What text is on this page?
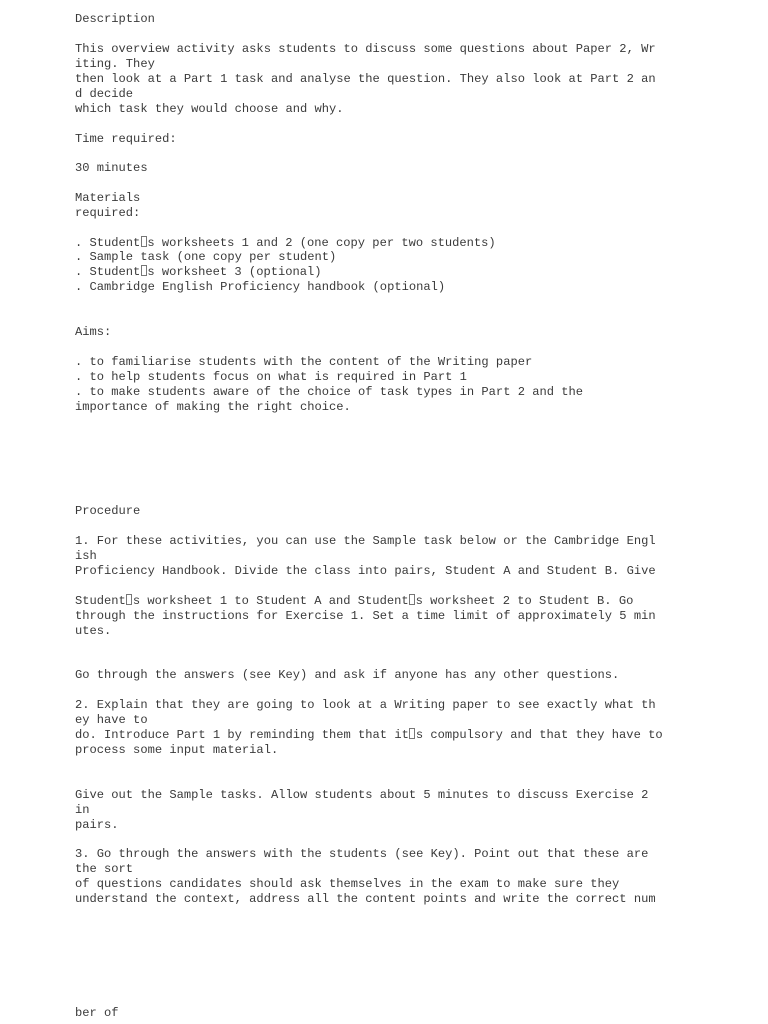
Description
This overview activity asks students to discuss some questions about Paper 2, Wr
iting. They
then look at a Part 1 task and analyse the question. They also look at Part 2 an
d decide
which task they would choose and why.
Time required:
30 minutes
Materials
required:
. Student s worksheets 1 and 2 (one copy per two students)
. Sample task (one copy per student)
. Student s worksheet 3 (optional)
. Cambridge English Proficiency handbook (optional)
Aims:
. to familiarise students with the content of the Writing paper
. to help students focus on what is required in Part 1
. to make students aware of the choice of task types in Part 2 and the
importance of making the right choice.
Procedure
1. For these activities, you can use the Sample task below or the Cambridge Engl
ish
Proficiency Handbook. Divide the class into pairs, Student A and Student B. Give
Student s worksheet 1 to Student A and Student s worksheet 2 to Student B. Go
through the instructions for Exercise 1. Set a time limit of approximately 5 min
utes.
Go through the answers (see Key) and ask if anyone has any other questions.
2. Explain that they are going to look at a Writing paper to see exactly what th
ey have to
do. Introduce Part 1 by reminding them that it s compulsory and that they have to
process some input material.
Give out the Sample tasks. Allow students about 5 minutes to discuss Exercise 2
in
pairs.
3. Go through the answers with the students (see Key). Point out that these are
the sort
of questions candidates should ask themselves in the exam to make sure they
understand the context, address all the content points and write the correct num
ber of
